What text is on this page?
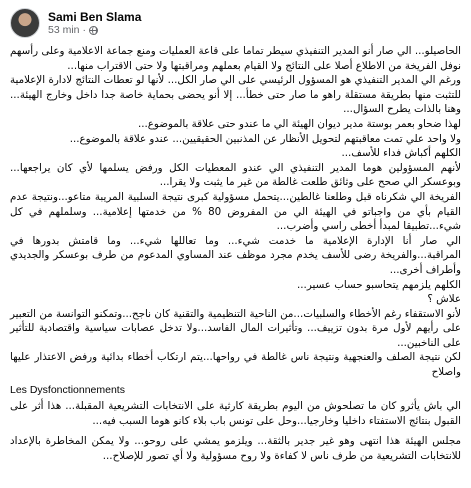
Sami Ben Slama
53 min ·

الحاصيلو... الي صار أنو المدير التنفيذي سيطر تماما على قاعة العمليات ومنع جماعة الاعلامية وعلى رأسهم نوفل الفريخة من الاطلاع أصلا على النتائج ولا القيام بعملهم ومراقبتها ولا حتى الاقتراب منها...

ورغم الي المدير التنفيذي هو المسؤول الرئيسي على الي صار الكل... لأنها لو تعطات النتائج لادارة الإعلامية للتثبت منها بطريقة مستقلة راهو ما صار حتى خطأ... إلا أنو يحضى بحماية خاصة جدا داخل وخارج الهيئة... وهنا بالذات يطرح السؤال...

لهذا ضحاو بعمر بوستة مدير ديوان الهيئة الي ما عندو حتى علاقة بالموضوع...

ولا واحد علي تمت معاقبتهم لتحويل الأنظار عن المذنبين الحقيقيين... عندو علاقة بالموضوع...

الكلهم أكباش فداء للأسف...

لأنهم المسؤولين هوما المدير التنفيذي الي عندو المعطيات الكل ورفض يسلمها لأي كان يراجعها... وبوعسكر الي صحح على وثائق طلعت غالطة من غير ما يثبت ولا يقرا...

الفريخة الي شكرناه قبل وطلعنا غالطين...يتحمل مسؤولية كبرى نتيجة السلبية المريبة متاعو...ونتيجة عدم القيام بأي من واجباتو في الهيئة الي من المفروض 80 % من خدمتها إعلامية... وسلملهم في كل شيء...تطبيقا لمبدأ أخطى راسي وأضرب...

الي صار أنا الإدارة الإعلامية ما خدمت شيء... وما تعاللها شيء... وما قامتش بدورها في المراقبة...والفريخة رضى للأسف يخدم مجرد موظف عند المساوي المدعوم من طرف بوعسكر والجديدي وأطراف أخرى...

الكلهم يلزمهم يتحاسبو حساب عسير...

علاش ؟

لأنو الاستقفاء رغم الأخطاء والسلبيات...من الناحية التنظيمية والتقنية كان ناجح...وتمكنو التوانسة من التعبير على رأيهم لأول مرة بدون تزييف... وتأثيرات المال الفاسد...ولا تدخل عصابات سياسية واقتصادية للتأثير على الناخبين...

لكن نتيجة الصلف والعنجهية ونتيجة ناس غالطة في رواحها...يتم ارتكاب أخطاء بدائية ورفض الاعتذار عليها واصلاح

Les Dysfonctionnements

الي باش يأثرو كان ما تصلحوش من اليوم بطريقة كارثية على الانتخابات التشريعية المقبلة... هذا أثر على القبول بنتائج الاستفتاء داخليا وخارجيا...وحل على تونس باب بلاء كانو هوما السبب فيه...

مجلس الهيئة هذا انتهى وهو غير جدير بالثقة... ويلزمو يمشي على روحو... ولا يمكن المخاطرة بالإعداد للانتخابات التشريعية من طرف ناس لا كفاءة ولا روح مسؤولية ولا أي تصور للإصلاح...
